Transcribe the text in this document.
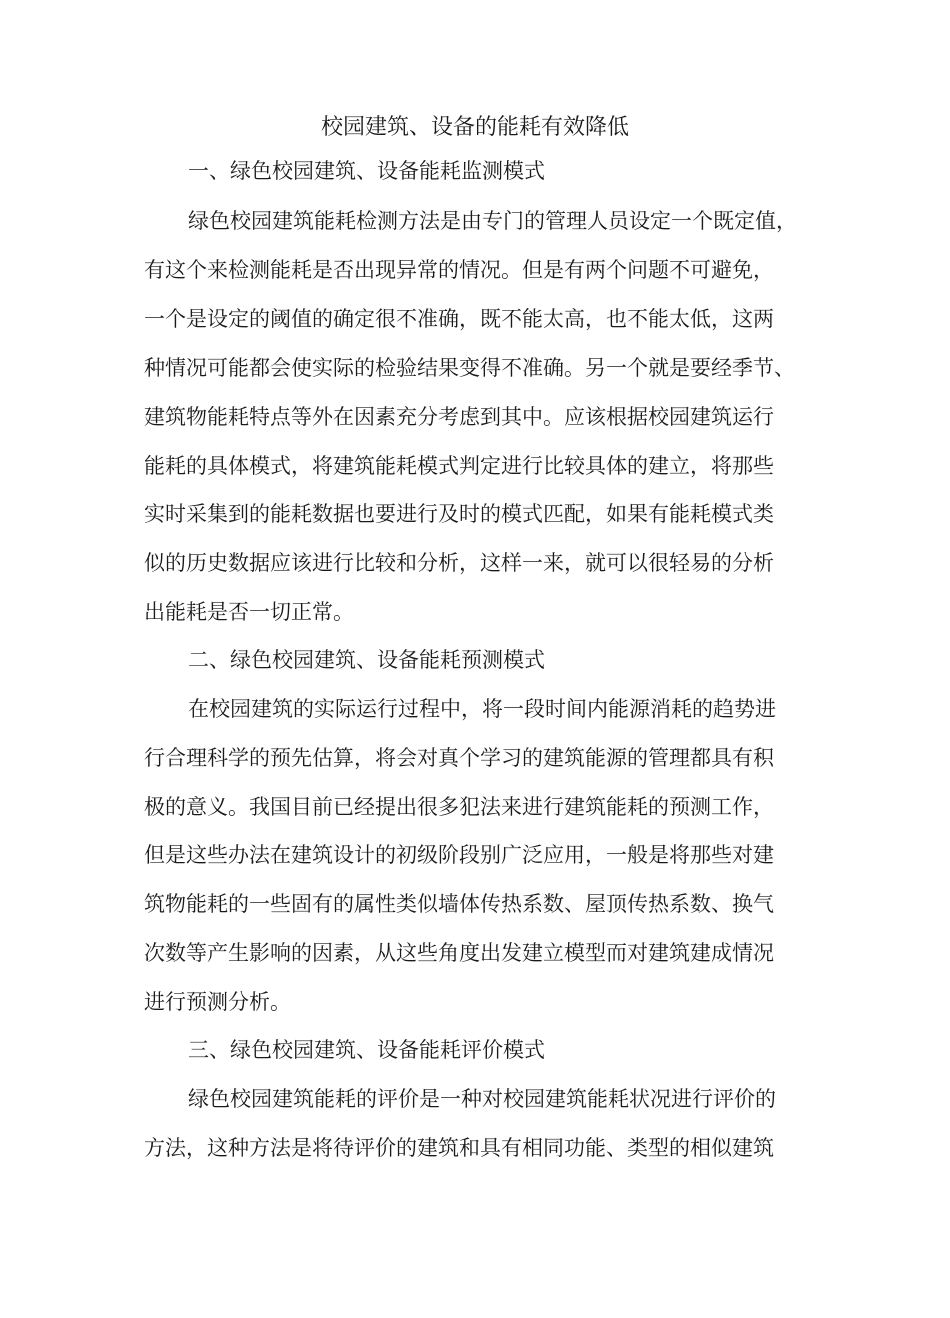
校园建筑、设备的能耗有效降低
一、绿色校园建筑、设备能耗监测模式
绿色校园建筑能耗检测方法是由专门的管理人员设定一个既定值，
有这个来检测能耗是否出现异常的情况。但是有两个问题不可避免，
一个是设定的阈值的确定很不准确，既不能太高，也不能太低，这两
种情况可能都会使实际的检验结果变得不准确。另一个就是要经季节、
建筑物能耗特点等外在因素充分考虑到其中。应该根据校园建筑运行
能耗的具体模式，将建筑能耗模式判定进行比较具体的建立，将那些
实时采集到的能耗数据也要进行及时的模式匹配，如果有能耗模式类
似的历史数据应该进行比较和分析，这样一来，就可以很轻易的分析
出能耗是否一切正常。
二、绿色校园建筑、设备能耗预测模式
在校园建筑的实际运行过程中，将一段时间内能源消耗的趋势进
行合理科学的预先估算，将会对真个学习的建筑能源的管理都具有积
极的意义。我国目前已经提出很多犯法来进行建筑能耗的预测工作，
但是这些办法在建筑设计的初级阶段别广泛应用，一般是将那些对建
筑物能耗的一些固有的属性类似墙体传热系数、屋顶传热系数、换气
次数等产生影响的因素，从这些角度出发建立模型而对建筑建成情况
进行预测分析。
三、绿色校园建筑、设备能耗评价模式
绿色校园建筑能耗的评价是一种对校园建筑能耗状况进行评价的
方法，这种方法是将待评价的建筑和具有相同功能、类型的相似建筑
